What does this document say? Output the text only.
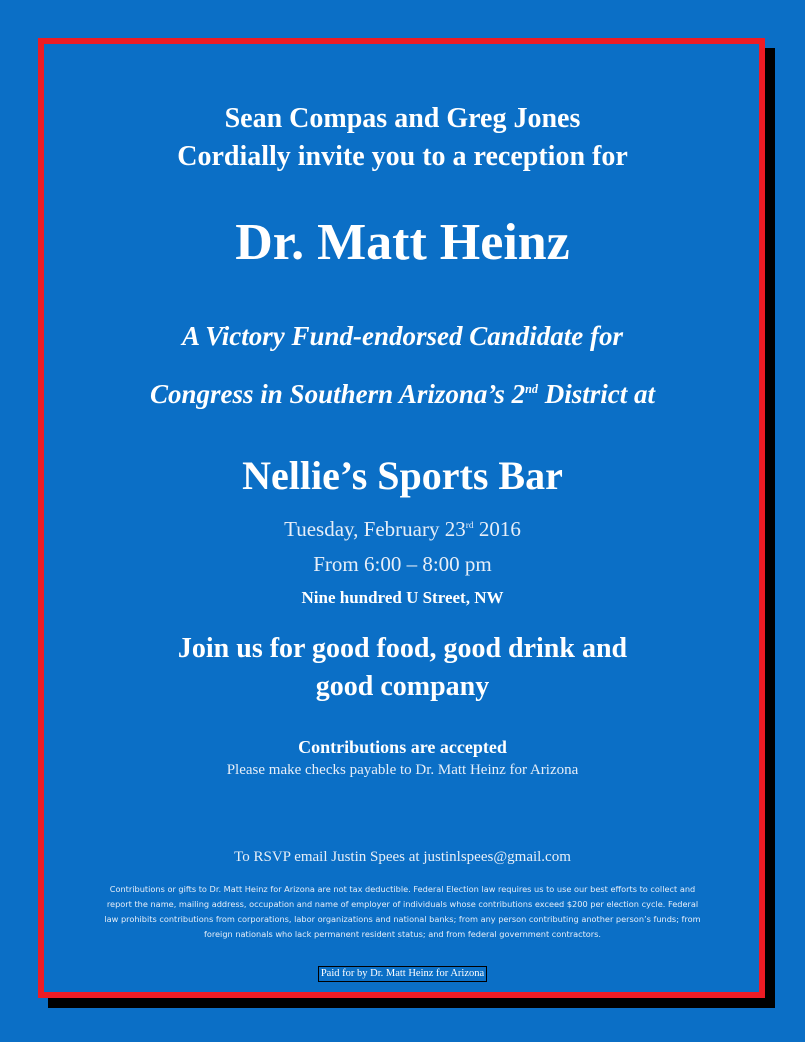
Sean Compas and Greg Jones
Cordially invite you to a reception for
Dr. Matt Heinz
A Victory Fund-endorsed Candidate for
Congress in Southern Arizona’s 2nd District at
Nellie’s Sports Bar
Tuesday, February 23rd 2016
From 6:00 – 8:00 pm
Nine hundred U Street, NW
Join us for good food, good drink and
good company
Contributions are accepted
Please make checks payable to Dr. Matt Heinz for Arizona
To RSVP email Justin Spees at justinlspees@gmail.com
Contributions or gifts to Dr. Matt Heinz for Arizona are not tax deductible. Federal Election law requires us to use our best efforts to collect and
report the name, mailing address, occupation and name of employer of individuals whose contributions exceed $200 per election cycle. Federal
law prohibits contributions from corporations, labor organizations and national banks; from any person contributing another person’s funds; from
foreign nationals who lack permanent resident status; and from federal government contractors.
Paid for by Dr. Matt Heinz for Arizona
